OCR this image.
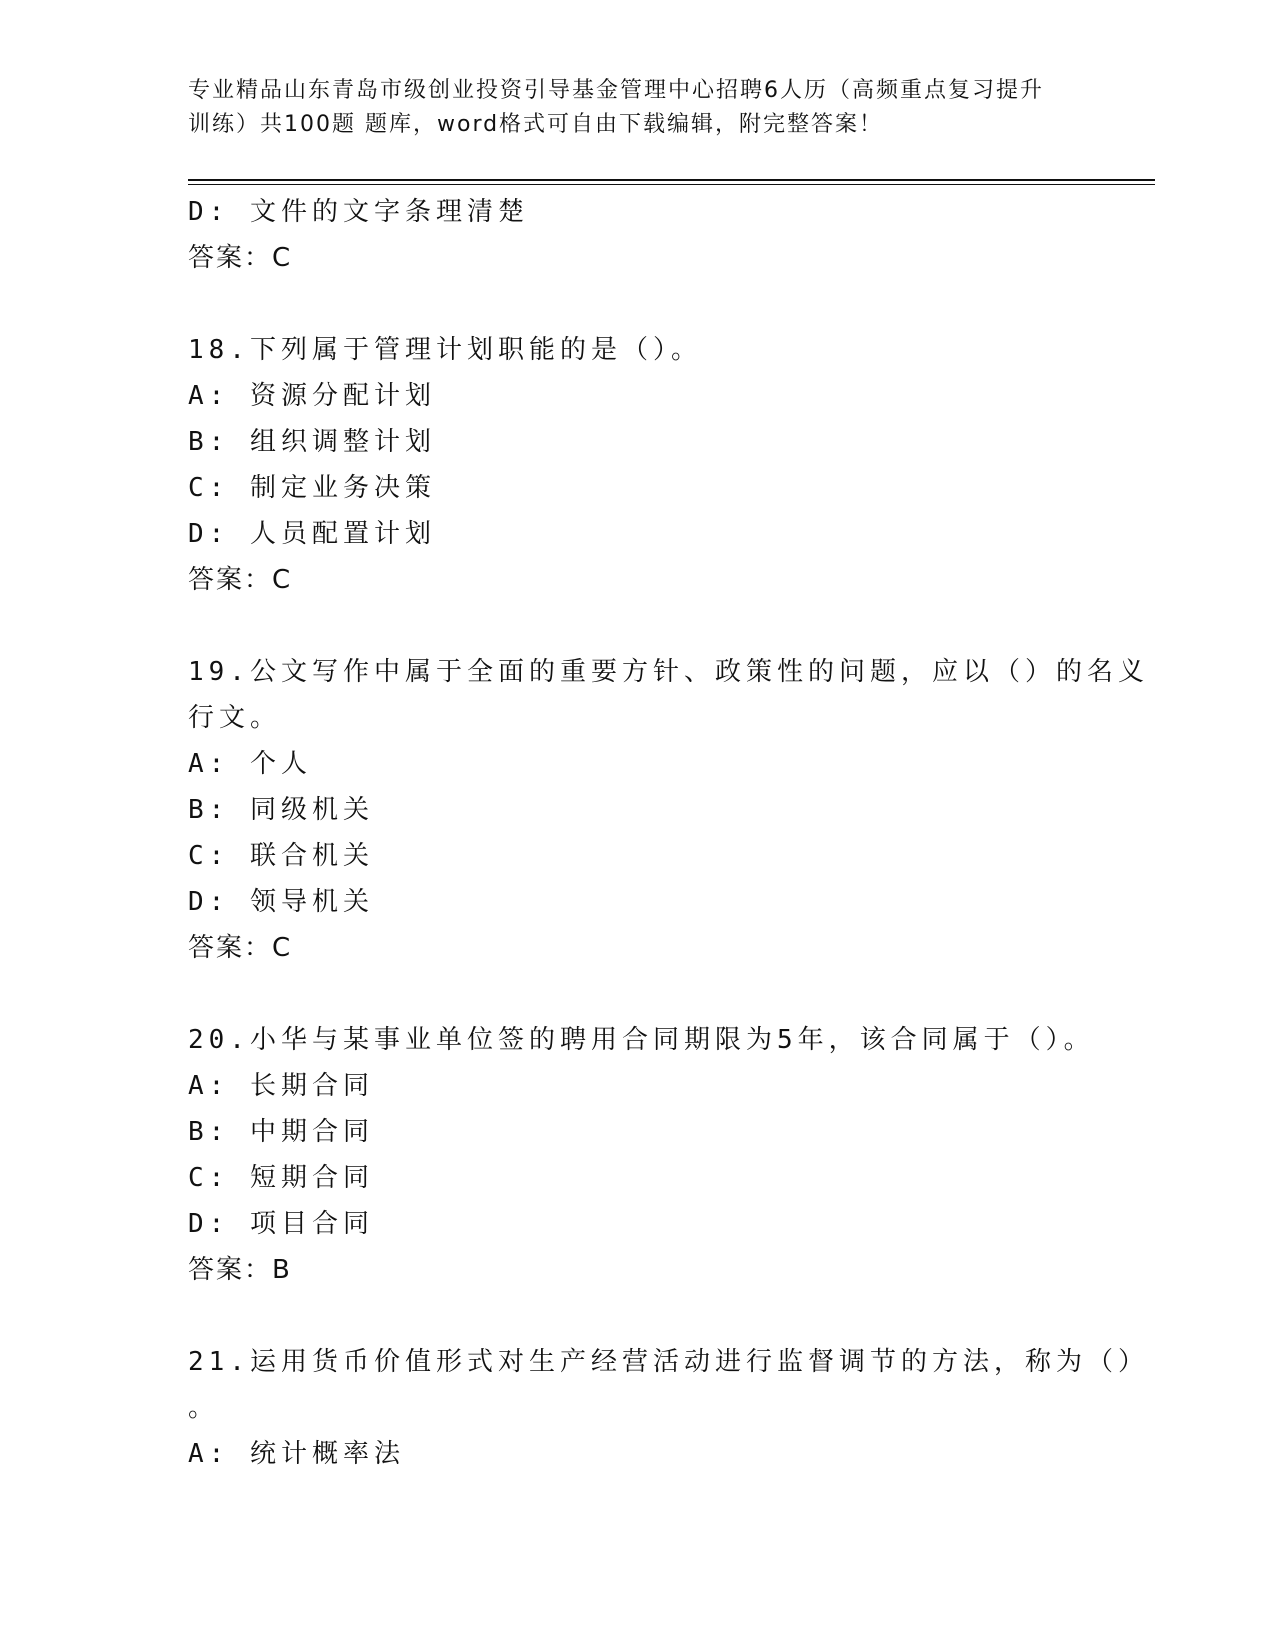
专业精品山东青岛市级创业投资引导基金管理中心招聘6人历（高频重点复习提升
训练）共100题 题库，word格式可自由下载编辑，附完整答案！
D: 文件的文字条理清楚
答案：C
18.下列属于管理计划职能的是（）。
A: 资源分配计划
B: 组织调整计划
C: 制定业务决策
D: 人员配置计划
答案：C
19.公文写作中属于全面的重要方针、政策性的问题，应以（）的名义
行文。
A: 个人
B: 同级机关
C: 联合机关
D: 领导机关
答案：C
20.小华与某事业单位签的聘用合同期限为5年，该合同属于（）。
A: 长期合同
B: 中期合同
C: 短期合同
D: 项目合同
答案：B
21.运用货币价值形式对生产经营活动进行监督调节的方法，称为（）
。
A: 统计概率法
